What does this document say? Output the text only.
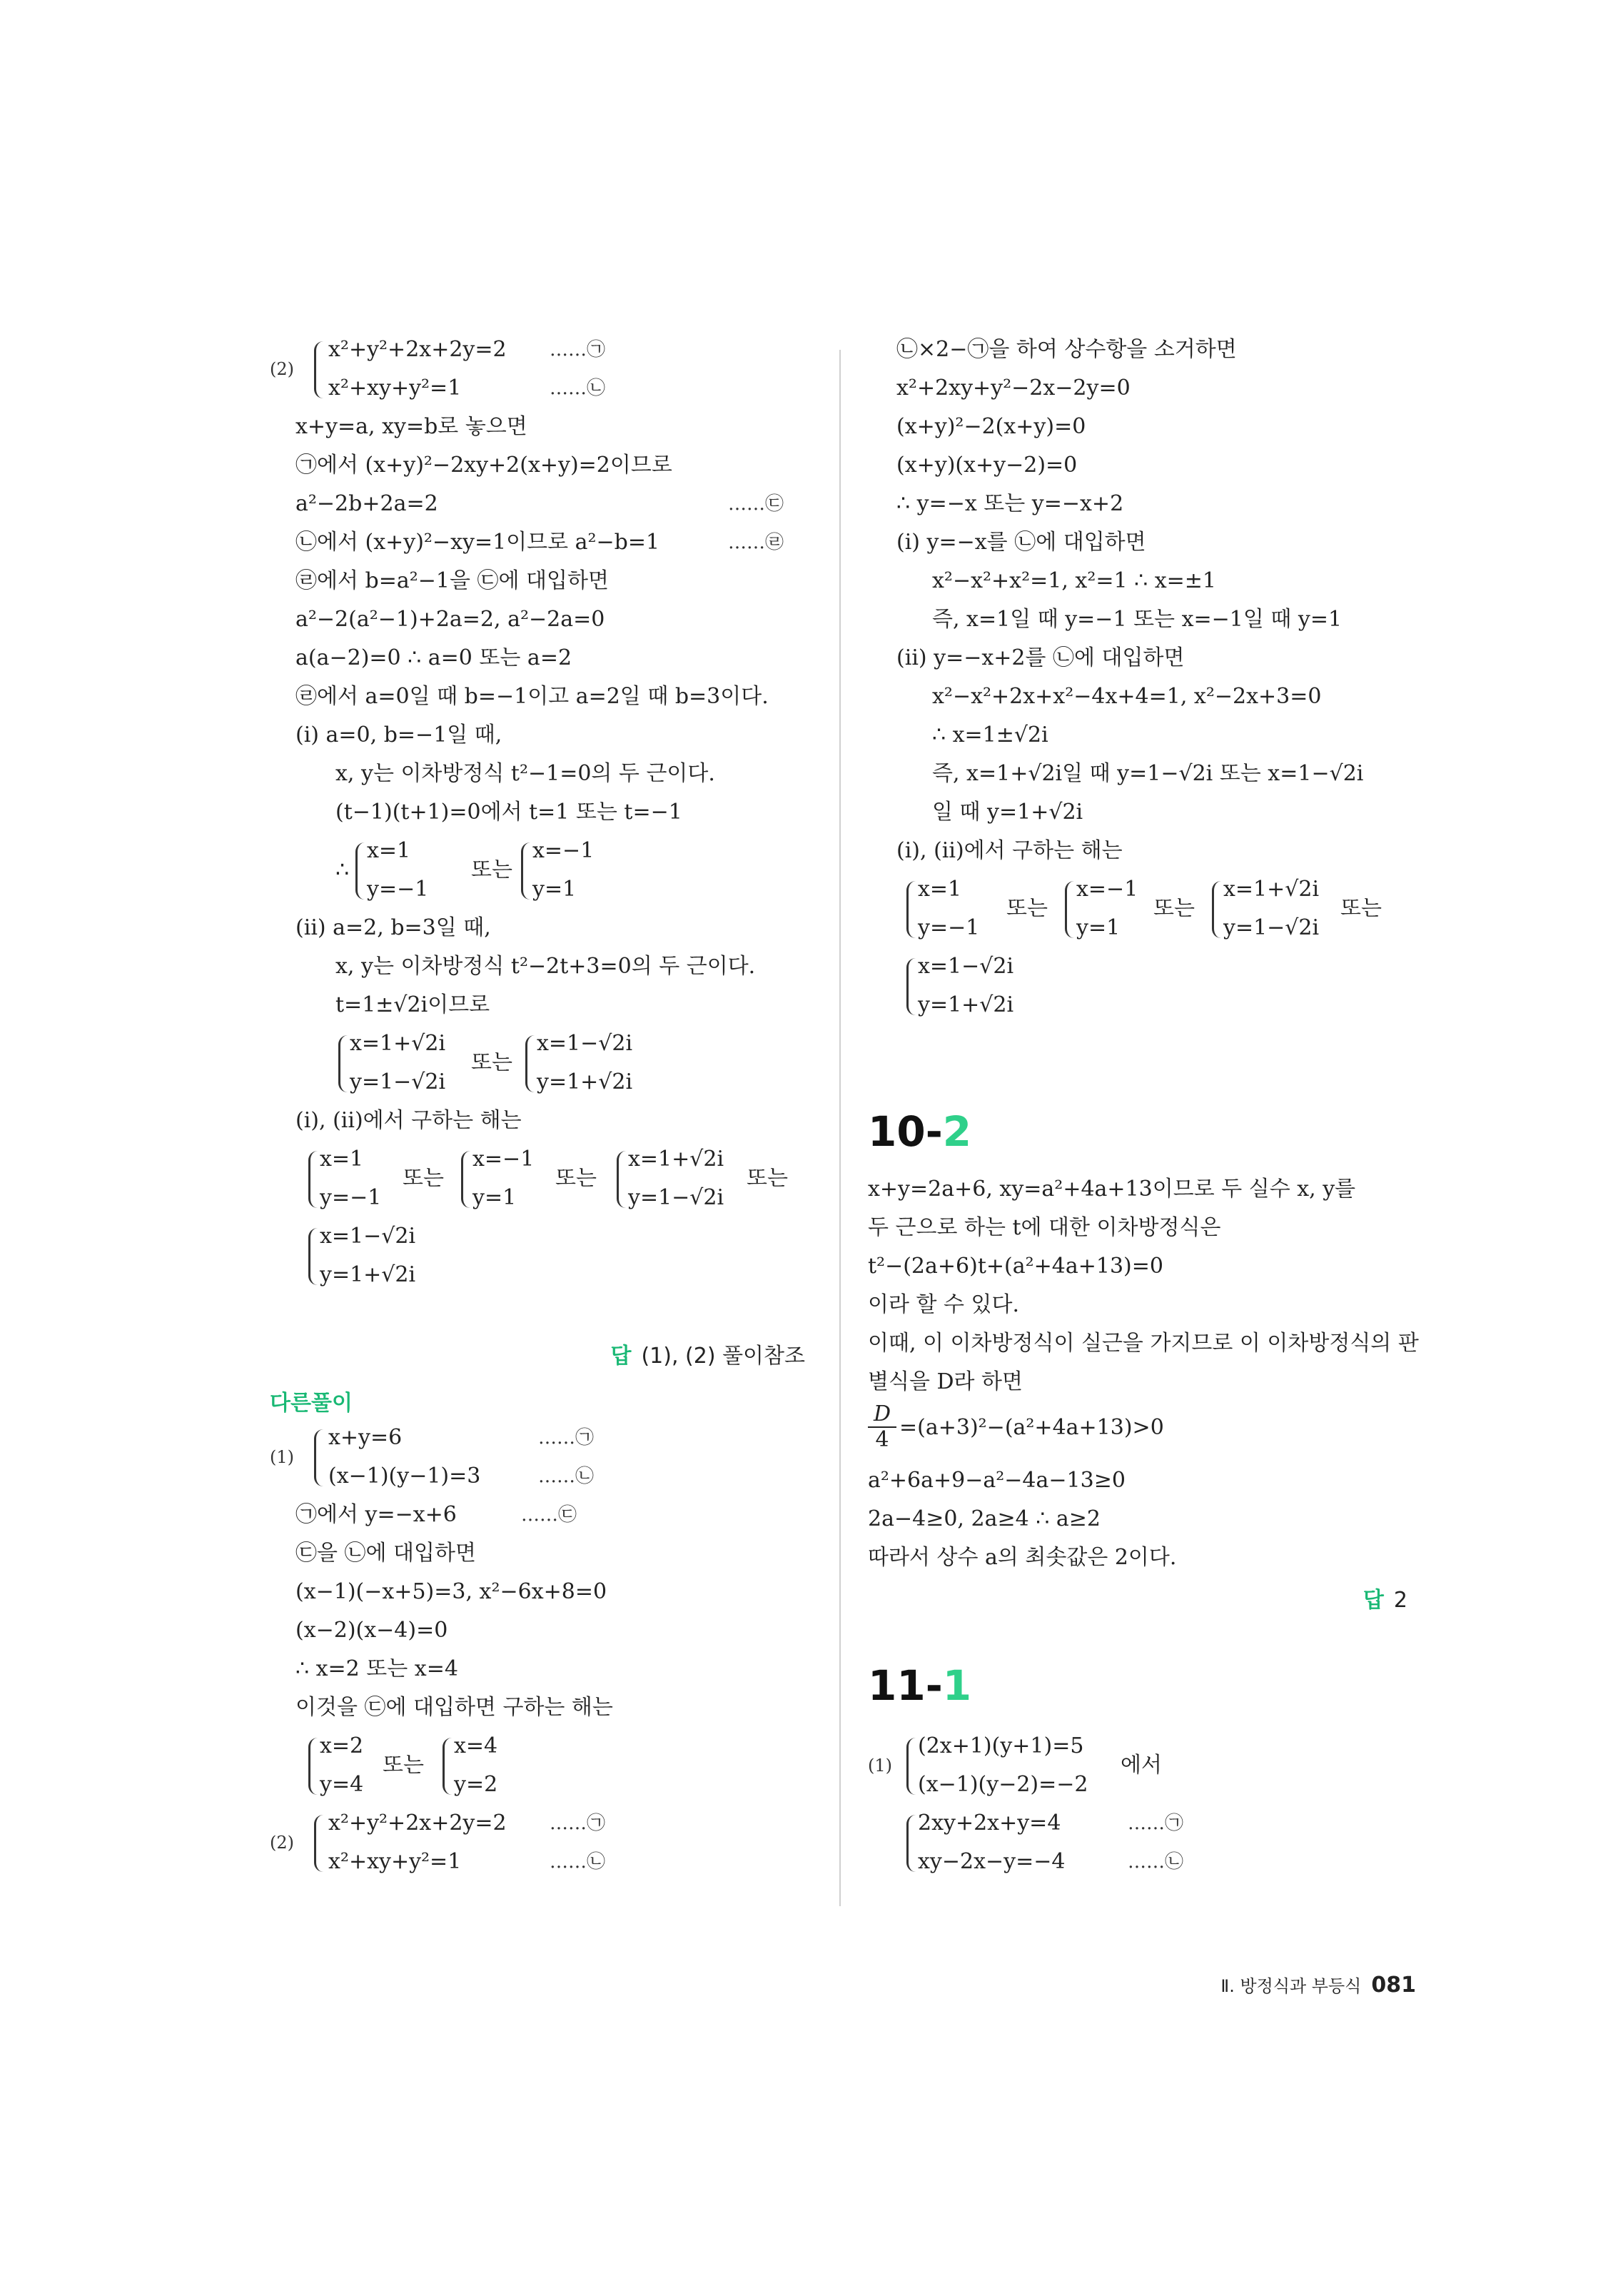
답 (1), (2) 풀이참조
다른풀이
∴
x²+y²+2x+2y=2
x²+xy+y²=1
x+y=a, xy=b로 놓으면
㉠에서 (x+y)²−2xy+2(x+y)=2이므로
a²−2b+2a=2
㉡에서 (x+y)²−xy=1이므로 a²−b=1
㉣에서 b=a²−1을 ㉢에 대입하면
a²−2(a²−1)+2a=2, a²−2a=0
a(a−2)=0 ∴ a=0 또는 a=2
㉣에서 a=0일 때 b=−1이고 a=2일 때 b=3이다.
(ⅰ) a=0, b=−1일 때,
x, y는 이차방정식 t²−1=0의 두 근이다.
(t−1)(t+1)=0에서 t=1 또는 t=−1
x=1
y=−1
x=−1
y=1
(ⅱ) a=2, b=3일 때,
x, y는 이차방정식 t²−2t+3=0의 두 근이다.
t=1±√2i이므로
x=1+√2i
y=1−√2i
x=1−√2i
y=1+√2i
(ⅰ), (ⅱ)에서 구하는 해는
x=1
y=−1
x=−1
y=1
x=1+√2i
y=1−√2i
x=1−√2i
y=1+√2i
x+y=6
(x−1)(y−1)=3
㉠에서 y=−x+6
㉢을 ㉡에 대입하면
(x−1)(−x+5)=3, x²−6x+8=0
(x−2)(x−4)=0
∴ x=2 또는 x=4
이것을 ㉢에 대입하면 구하는 해는
x=2
y=4
x=4
y=2
x²+y²+2x+2y=2
x²+xy+y²=1
……㉠
……㉡
……㉢
……㉣
……㉠
……㉡
……㉢
……㉠
……㉡
(2)
(1)
(2)
또는
또는
또는	또는	또는
또는
10-2
11-1
$\frac{D}{4}$
답 2
㉡×2−㉠을 하여 상수항을 소거하면
x²+2xy+y²−2x−2y=0
(x+y)²−2(x+y)=0
(x+y)(x+y−2)=0
∴ y=−x 또는 y=−x+2
(ⅰ) y=−x를 ㉡에 대입하면
x²−x²+x²=1, x²=1 ∴ x=±1
즉, x=1일 때 y=−1 또는 x=−1일 때 y=1
(ⅱ) y=−x+2를 ㉡에 대입하면
x²−x²+2x+x²−4x+4=1, x²−2x+3=0
∴ x=1±√2i
즉, x=1+√2i일 때 y=1−√2i 또는 x=1−√2i
일 때 y=1+√2i
(ⅰ), (ⅱ)에서 구하는 해는
x=1
y=−1
x=−1
y=1
x=1+√2i
y=1−√2i
x=1−√2i
y=1+√2i
x+y=2a+6, xy=a²+4a+13이므로 두 실수 x, y를
두 근으로 하는 t에 대한 이차방정식은
t²−(2a+6)t+(a²+4a+13)=0
이라 할 수 있다.
이때, 이 이차방정식이 실근을 가지므로 이 이차방정식의 판
별식을 D라 하면
=(a+3)²−(a²+4a+13)>0
a²+6a+9−a²−4a−13≥0
2a−4≥0, 2a≥4 ∴ a≥2
따라서 상수 a의 최솟값은 2이다.
(2x+1)(y+1)=5
(x−1)(y−2)=−2
에서
2xy+2x+y=4
xy−2x−y=−4
……㉠
……㉡
(1)
또는	또는	또는
Ⅱ. 방정식과 부등식 081
